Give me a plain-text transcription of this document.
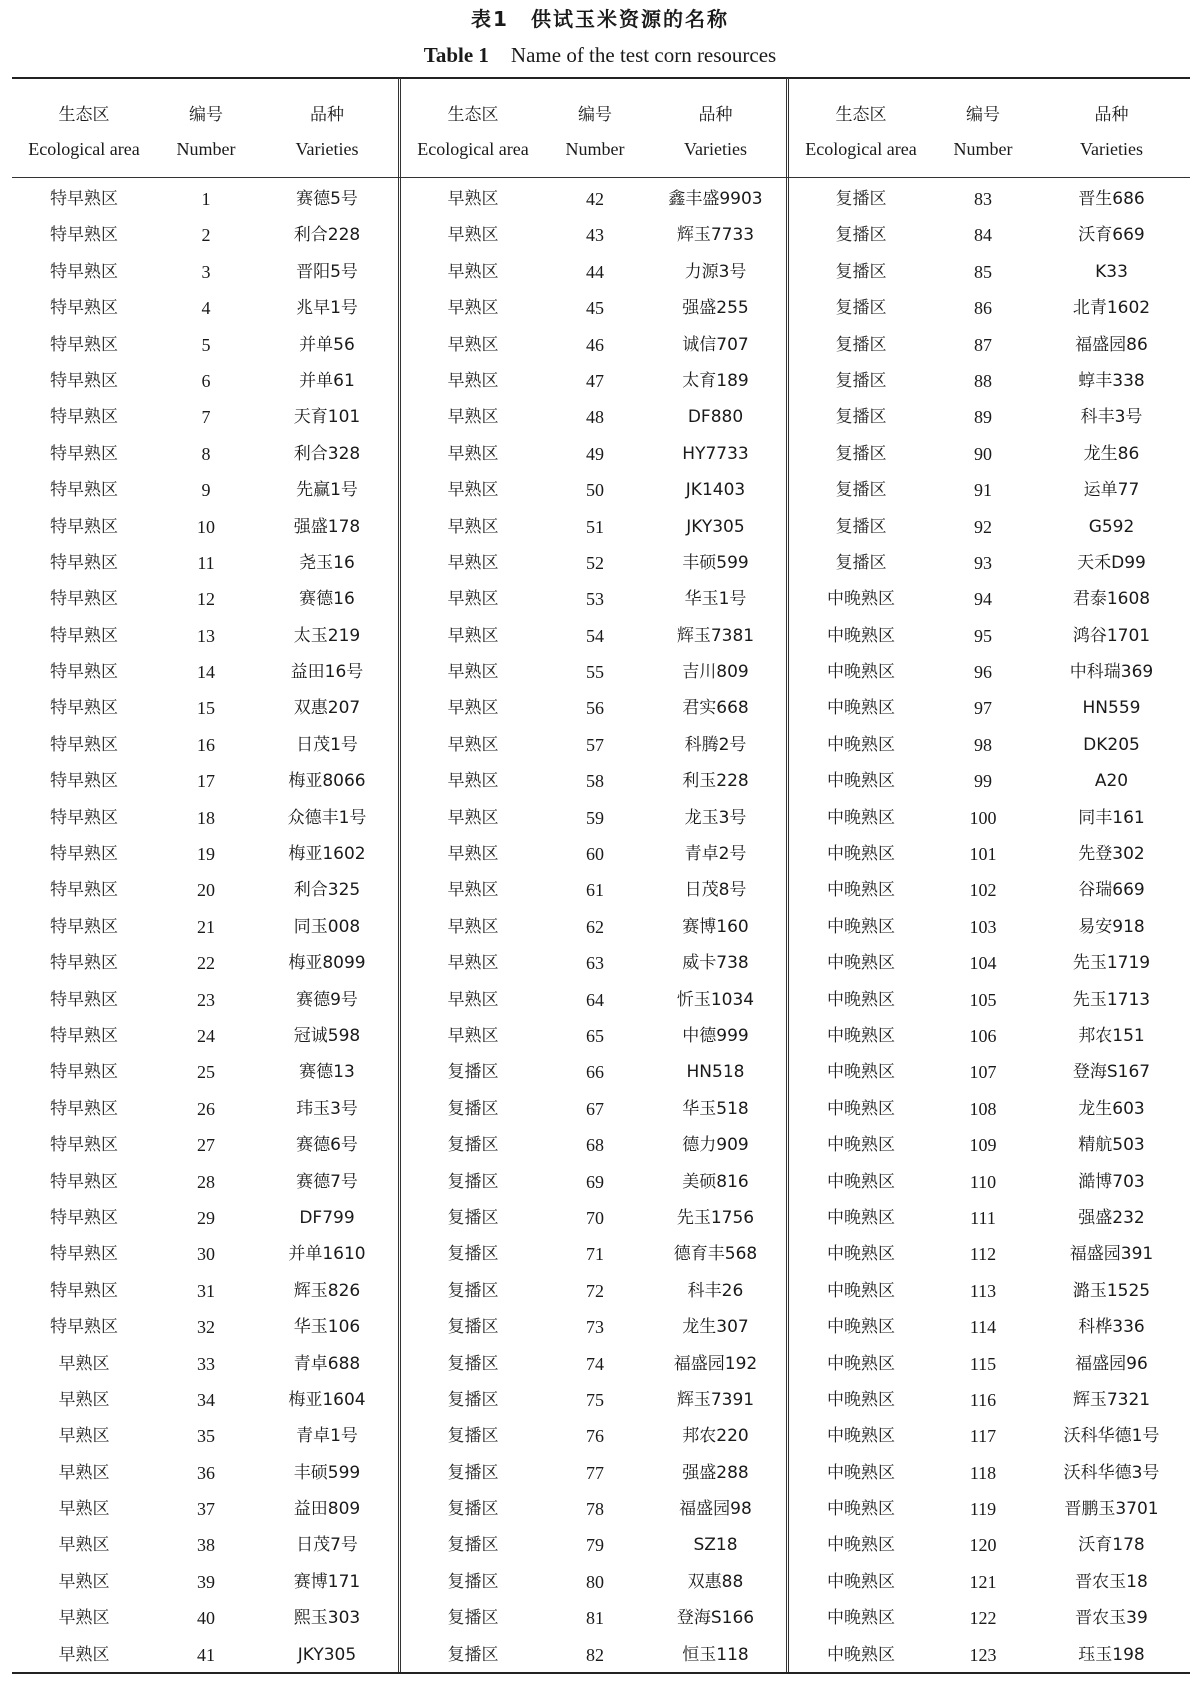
表1　供试玉米资源的名称
Table 1 Name of the test corn resources
生态区
Ecological area
编号
Number
品种
Varieties
特早熟区	1	赛德5号
特早熟区	2	利合228
特早熟区	3	晋阳5号
特早熟区	4	兆早1号
特早熟区	5	并单56
特早熟区	6	并单61
特早熟区	7	天育101
特早熟区	8	利合328
特早熟区	9	先赢1号
特早熟区	10	强盛178
特早熟区	11	尧玉16
特早熟区	12	赛德16
特早熟区	13	太玉219
特早熟区	14	益田16号
特早熟区	15	双惠207
特早熟区	16	日茂1号
特早熟区	17	梅亚8066
特早熟区	18	众德丰1号
特早熟区	19	梅亚1602
特早熟区	20	利合325
特早熟区	21	同玉008
特早熟区	22	梅亚8099
特早熟区	23	赛德9号
特早熟区	24	冠诚598
特早熟区	25	赛德13
特早熟区	26	玮玉3号
特早熟区	27	赛德6号
特早熟区	28	赛德7号
特早熟区	29	DF799
特早熟区	30	并单1610
特早熟区	31	辉玉826
特早熟区	32	华玉106
早熟区	33	青卓688
早熟区	34	梅亚1604
早熟区	35	青卓1号
早熟区	36	丰硕599
早熟区	37	益田809
早熟区	38	日茂7号
早熟区	39	赛博171
早熟区	40	熙玉303
早熟区	41	JKY305
生态区
Ecological area
编号
Number
品种
Varieties
早熟区	42	鑫丰盛9903
早熟区	43	辉玉7733
早熟区	44	力源3号
早熟区	45	强盛255
早熟区	46	诚信707
早熟区	47	太育189
早熟区	48	DF880
早熟区	49	HY7733
早熟区	50	JK1403
早熟区	51	JKY305
早熟区	52	丰硕599
早熟区	53	华玉1号
早熟区	54	辉玉7381
早熟区	55	吉川809
早熟区	56	君实668
早熟区	57	科腾2号
早熟区	58	利玉228
早熟区	59	龙玉3号
早熟区	60	青卓2号
早熟区	61	日茂8号
早熟区	62	赛博160
早熟区	63	威卡738
早熟区	64	忻玉1034
早熟区	65	中德999
复播区	66	HN518
复播区	67	华玉518
复播区	68	德力909
复播区	69	美硕816
复播区	70	先玉1756
复播区	71	德育丰568
复播区	72	科丰26
复播区	73	龙生307
复播区	74	福盛园192
复播区	75	辉玉7391
复播区	76	邦农220
复播区	77	强盛288
复播区	78	福盛园98
复播区	79	SZ18
复播区	80	双惠88
复播区	81	登海S166
复播区	82	恒玉118
生态区
Ecological area
编号
Number
品种
Varieties
复播区	83	晋生686
复播区	84	沃育669
复播区	85	K33
复播区	86	北青1602
复播区	87	福盛园86
复播区	88	蜳丰338
复播区	89	科丰3号
复播区	90	龙生86
复播区	91	运单77
复播区	92	G592
复播区	93	天禾D99
中晚熟区	94	君泰1608
中晚熟区	95	鸿谷1701
中晚熟区	96	中科瑞369
中晚熟区	97	HN559
中晚熟区	98	DK205
中晚熟区	99	A20
中晚熟区	100	同丰161
中晚熟区	101	先登302
中晚熟区	102	谷瑞669
中晚熟区	103	易安918
中晚熟区	104	先玉1719
中晚熟区	105	先玉1713
中晚熟区	106	邦农151
中晚熟区	107	登海S167
中晚熟区	108	龙生603
中晚熟区	109	精航503
中晚熟区	110	澔博703
中晚熟区	111	强盛232
中晚熟区	112	福盛园391
中晚熟区	113	潞玉1525
中晚熟区	114	科桦336
中晚熟区	115	福盛园96
中晚熟区	116	辉玉7321
中晚熟区	117	沃科华德1号
中晚熟区	118	沃科华德3号
中晚熟区	119	晋鹏玉3701
中晚熟区	120	沃育178
中晚熟区	121	晋农玉18
中晚熟区	122	晋农玉39
中晚熟区	123	珏玉198
